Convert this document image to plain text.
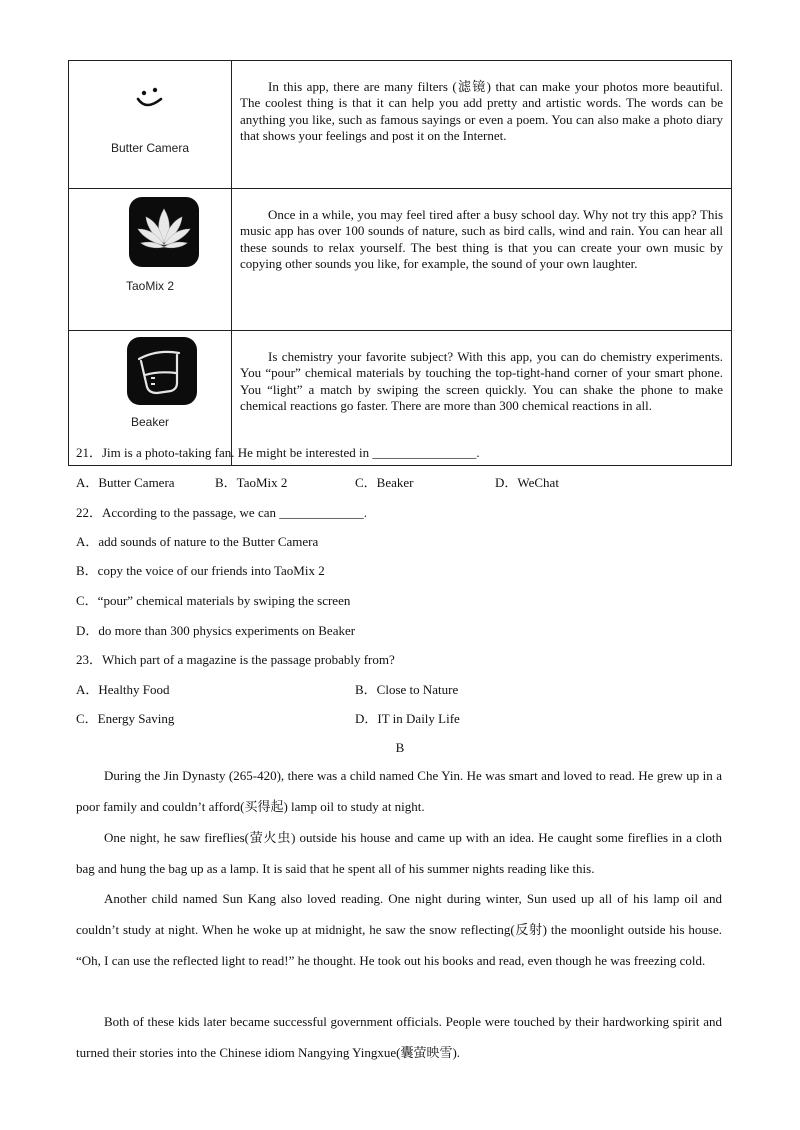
Butter Camera	In this app, there are many filters (滤镜) that can make your photos more beautiful. The coolest thing is that it can help you add pretty and artistic words. The words can be anything you like, such as famous sayings or even a poem. You can also make a photo diary that shows your feelings and post it on the Internet.

TaoMix 2	Once in a while, you may feel tired after a busy school day. Why not try this app? This music app has over 100 sounds of nature, such as bird calls, wind and rain. You can hear all these sounds to relax yourself. The best thing is that you can create your own music by copying other sounds you like, for example, the sound of your own laughter.

Beaker	Is chemistry your favorite subject? With this app, you can do chemistry experiments. You “pour” chemical materials by touching the top-tight-hand corner of your smart phone. You “light” a match by swiping the screen quickly. You can shake the phone to make chemical reactions go faster. There are more than 300 chemical reactions in all.

21．Jim is a photo-taking fan. He might be interested in ________________.
A．Butter Camera	B．TaoMix 2	C．Beaker	D．WeChat
22．According to the passage, we can _____________.
A．add sounds of nature to the Butter Camera
B．copy the voice of our friends into TaoMix 2
C．“pour” chemical materials by swiping the screen
D．do more than 300 physics experiments on Beaker
23．Which part of a magazine is the passage probably from?
A．Healthy Food	B．Close to Nature
C．Energy Saving	D．IT in Daily Life
B

During the Jin Dynasty (265-420), there was a child named Che Yin. He was smart and loved to read. He grew up in a poor family and couldn’t afford(买得起) lamp oil to study at night.

One night, he saw fireflies(萤火虫) outside his house and came up with an idea. He caught some fireflies in a cloth bag and hung the bag up as a lamp. It is said that he spent all of his summer nights reading like this.

Another child named Sun Kang also loved reading. One night during winter, Sun used up all of his lamp oil and couldn’t study at night. When he woke up at midnight, he saw the snow reflecting(反射) the moonlight outside his house. “Oh, I can use the reflected light to read!” he thought. He took out his books and read, even though he was freezing cold.

Both of these kids later became successful government officials. People were touched by their hardworking spirit and turned their stories into the Chinese idiom Nangying Yingxue(囊萤映雪).
